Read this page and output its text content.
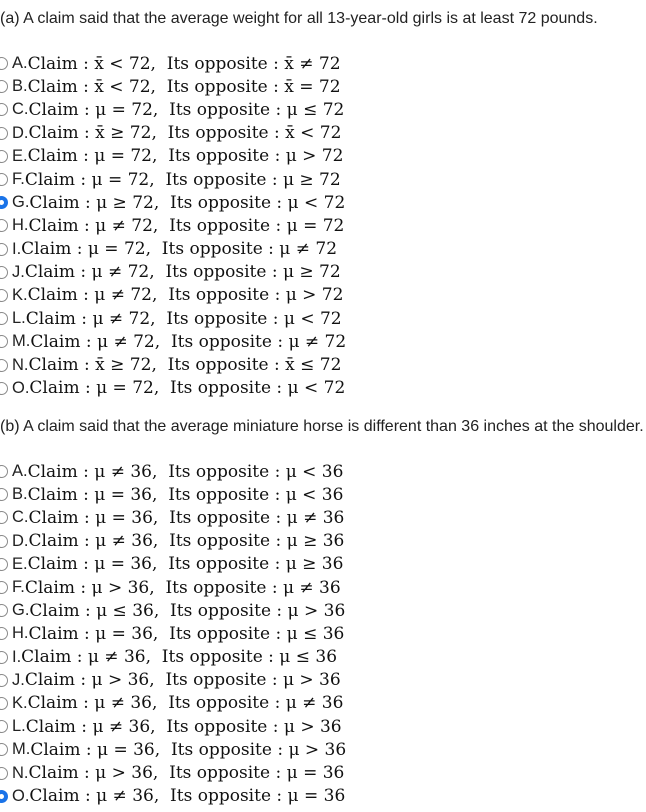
(a) A claim said that the average weight for all 13-year-old girls is at least 72 pounds.
A. Claim : x̄ < 72,  Its opposite : x̄ ≠ 72
B. Claim : x̄ < 72,  Its opposite : x̄ = 72
C. Claim : μ = 72,  Its opposite : μ ≤ 72
D. Claim : x̄ ≥ 72,  Its opposite : x̄ < 72
E. Claim : μ = 72,  Its opposite : μ > 72
F. Claim : μ = 72,  Its opposite : μ ≥ 72
G. Claim : μ ≥ 72,  Its opposite : μ < 72
H. Claim : μ ≠ 72,  Its opposite : μ = 72
I. Claim : μ = 72,  Its opposite : μ ≠ 72
J. Claim : μ ≠ 72,  Its opposite : μ ≥ 72
K. Claim : μ ≠ 72,  Its opposite : μ > 72
L. Claim : μ ≠ 72,  Its opposite : μ < 72
M. Claim : μ ≠ 72,  Its opposite : μ ≠ 72
N. Claim : x̄ ≥ 72,  Its opposite : x̄ ≤ 72
O. Claim : μ = 72,  Its opposite : μ < 72
(b) A claim said that the average miniature horse is different than 36 inches at the shoulder.
A. Claim : μ ≠ 36,  Its opposite : μ < 36
B. Claim : μ = 36,  Its opposite : μ < 36
C. Claim : μ = 36,  Its opposite : μ ≠ 36
D. Claim : μ ≠ 36,  Its opposite : μ ≥ 36
E. Claim : μ = 36,  Its opposite : μ ≥ 36
F. Claim : μ > 36,  Its opposite : μ ≠ 36
G. Claim : μ ≤ 36,  Its opposite : μ > 36
H. Claim : μ = 36,  Its opposite : μ ≤ 36
I. Claim : μ ≠ 36,  Its opposite : μ ≤ 36
J. Claim : μ > 36,  Its opposite : μ > 36
K. Claim : μ ≠ 36,  Its opposite : μ ≠ 36
L. Claim : μ ≠ 36,  Its opposite : μ > 36
M. Claim : μ = 36,  Its opposite : μ > 36
N. Claim : μ > 36,  Its opposite : μ = 36
O. Claim : μ ≠ 36,  Its opposite : μ = 36
